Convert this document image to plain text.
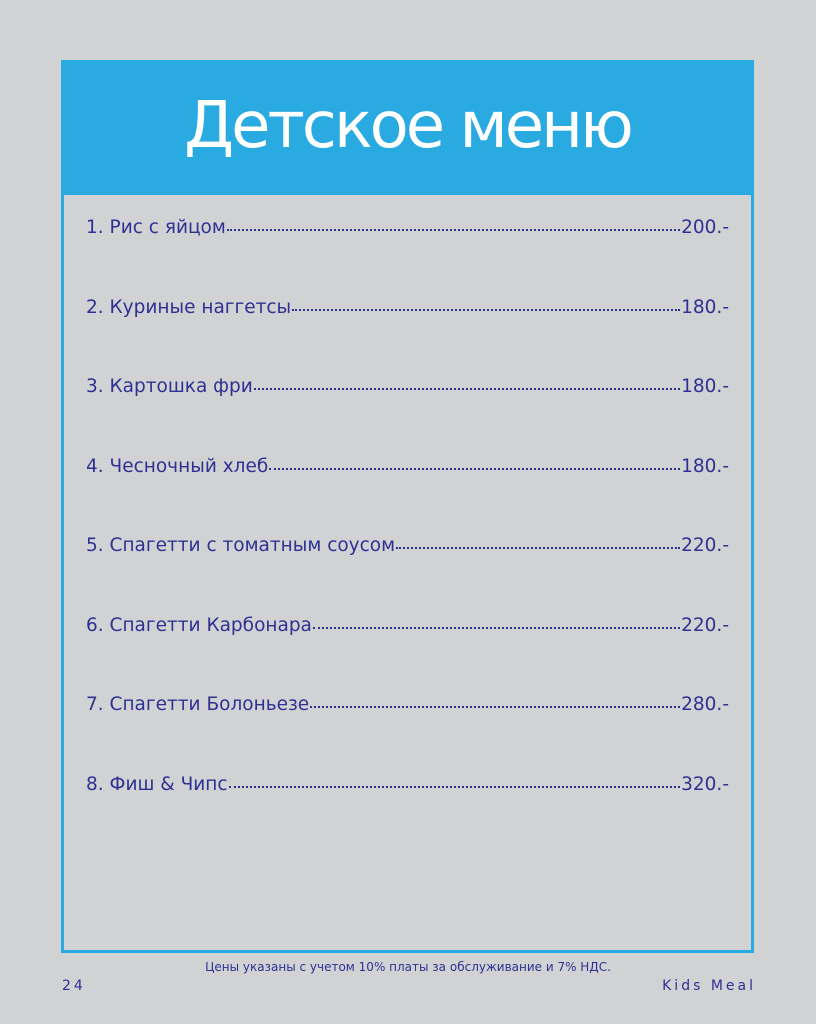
Детское меню
1. Рис с яйцом	200.-
2. Куриные наггетсы	180.-
3. Картошка фри	180.-
4. Чесночный хлеб	180.-
5. Спагетти с томатным соусом	220.-
6. Спагетти Карбонара	220.-
7. Спагетти Болоньезе	280.-
8. Фиш & Чипс	320.-
Цены указаны с учетом 10% платы за обслуживание и 7% НДС.
24	Kids Meal
